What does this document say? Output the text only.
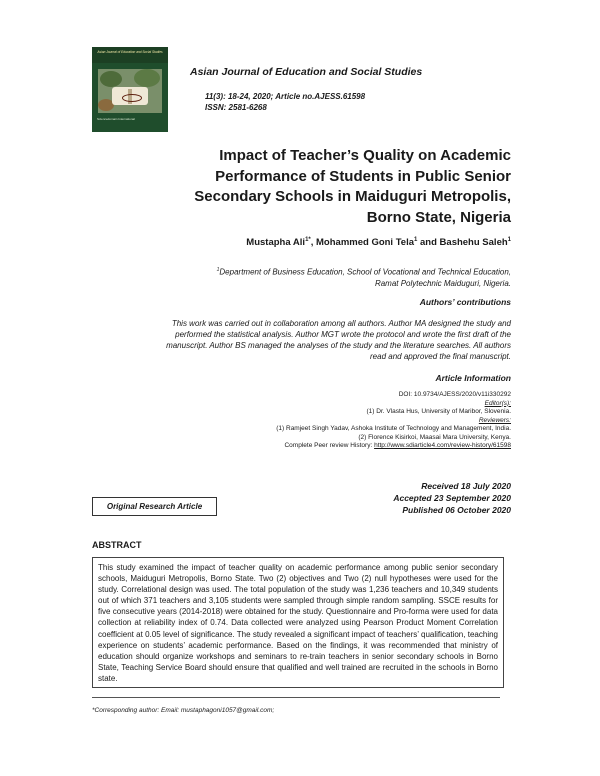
Asian Journal of Education and Social Studies
Sciencedomain International
Asian Journal of Education and Social Studies
11(3): 18-24, 2020; Article no.AJESS.61598
ISSN: 2581-6268
Impact of Teacher’s Quality on Academic
Performance of Students in Public Senior
Secondary Schools in Maiduguri Metropolis,
Borno State, Nigeria
Mustapha Ali$^{1*}$, Mohammed Goni Tela$^1$ and Bashehu Saleh$^1$
$^1$Department of Business Education, School of Vocational and Technical Education,
Ramat Polytechnic Maiduguri, Nigeria.
Authors’ contributions
This work was carried out in collaboration among all authors. Author MA designed the study and
performed the statistical analysis. Author MGT wrote the protocol and wrote the first draft of the
manuscript. Author BS managed the analyses of the study and the literature searches. All authors
read and approved the final manuscript.
Article Information
DOI: 10.9734/AJESS/2020/v11i330292
Editor(s):
(1) Dr. Vlasta Hus, University of Maribor, Slovenia.
Reviewers:
(1) Ramjeet Singh Yadav, Ashoka Institute of Technology and Management, India.
(2) Florence Kisirkoi, Maasai Mara University, Kenya.
Complete Peer review History: http://www.sdiarticle4.com/review-history/61598
Original Research Article
Received 18 July 2020
Accepted 23 September 2020
Published 06 October 2020
ABSTRACT
This study examined the impact of teacher quality on academic performance among public senior secondary schools, Maiduguri Metropolis, Borno State. Two (2) objectives and Two (2) null hypotheses were used for the study. Correlational design was used. The total population of the study was 1,236 teachers and 10,349 students out of which 371 teachers and 3,105 students were sampled through simple random sampling. SSCE results for five consecutive years (2014-2018) were obtained for the study. Questionnaire and Pro-forma were used for data collection at reliability index of 0.74. Data collected were analyzed using Pearson Product Moment Correlation coefficient at 0.05 level of significance. The study revealed a significant impact of teachers’ qualification, teaching experience on students’ academic performance. Based on the findings, it was recommended that ministry of education should organize workshops and seminars to re-train teachers in senior secondary schools in Borno State, Teaching Service Board should ensure that qualified and well trained are recruited in the schools in Borno state.
*Corresponding author: Email: mustaphagoni1057@gmail.com;
